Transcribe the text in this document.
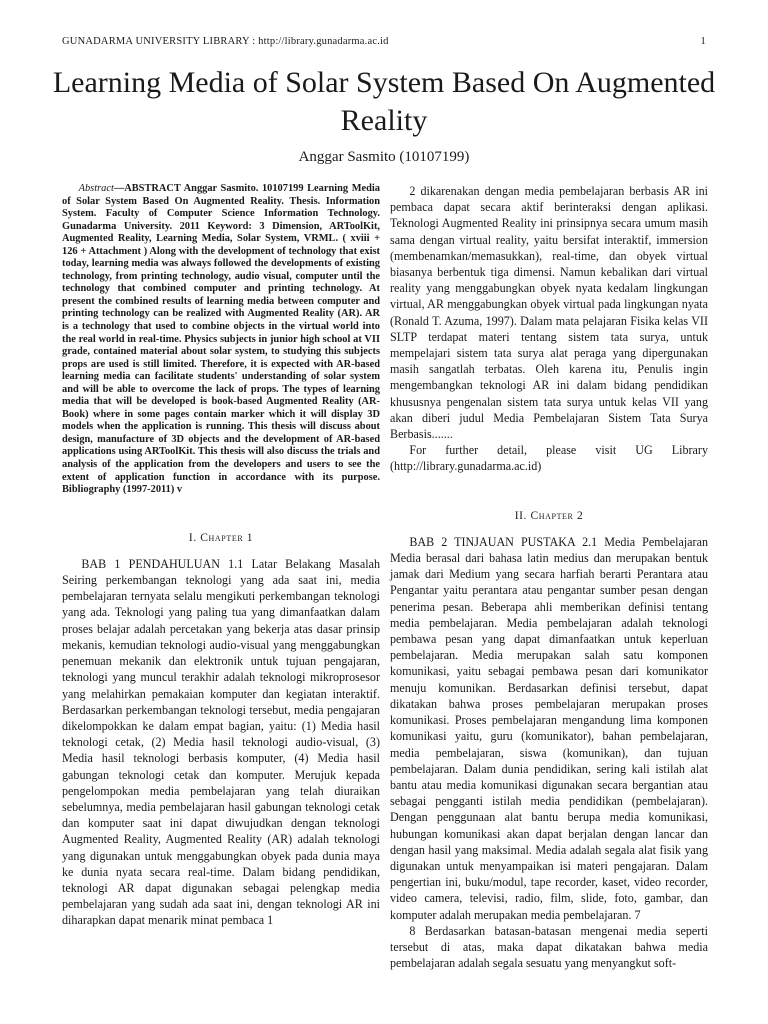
GUNADARMA UNIVERSITY LIBRARY : http://library.gunadarma.ac.id	1
Learning Media of Solar System Based On Augmented Reality
Anggar Sasmito (10107199)

Abstract—ABSTRACT Anggar Sasmito. 10107199 Learning Media of Solar System Based On Augmented Reality. Thesis. Information System. Faculty of Computer Science Information Technology. Gunadarma University. 2011 Keyword: 3 Dimension, ARToolKit, Augmented Reality, Learning Media, Solar System, VRML. ( xviii + 126 + Attachment ) Along with the development of technology that exist today, learning media was always followed the developments of existing technology, from printing technology, audio visual, computer until the technology that combined computer and printing technology. At present the combined results of learning media between computer and printing technology can be realized with Augmented Reality (AR). AR is a technology that used to combine objects in the virtual world into the real world in real-time. Physics subjects in junior high school at VII grade, contained material about solar system, to studying this subjects props are used is still limited. Therefore, it is expected with AR-based learning media can facilitate students' understanding of solar system and will be able to overcome the lack of props. The types of learning media that will be developed is book-based Augmented Reality (AR-Book) where in some pages contain marker which it will display 3D models when the application is running. This thesis will discuss about design, manufacture of 3D objects and the development of AR-based applications using ARToolKit. This thesis will also discuss the trials and analysis of the application from the developers and users to see the extent of application function in accordance with its purpose. Bibliography (1997-2011) v

I. Chapter 1

BAB 1 PENDAHULUAN 1.1 Latar Belakang Masalah Seiring perkembangan teknologi yang ada saat ini, media pembelajaran ternyata selalu mengikuti perkembangan teknologi yang ada. Teknologi yang paling tua yang dimanfaatkan dalam proses belajar adalah percetakan yang bekerja atas dasar prinsip mekanis, kemudian teknologi audio-visual yang menggabungkan penemuan mekanik dan elektronik untuk tujuan pengajaran, teknologi yang muncul terakhir adalah teknologi mikroprosesor yang melahirkan pemakaian komputer dan kegiatan interaktif. Berdasarkan perkembangan teknologi tersebut, media pengajaran dikelompokkan ke dalam empat bagian, yaitu: (1) Media hasil teknologi cetak, (2) Media hasil teknologi audio-visual, (3) Media hasil teknologi berbasis komputer, (4) Media hasil gabungan teknologi cetak dan komputer. Merujuk kepada pengelompokan media pembelajaran yang telah diuraikan sebelumnya, media pembelajaran hasil gabungan teknologi cetak dan komputer saat ini dapat diwujudkan dengan teknologi Augmented Reality, Augmented Reality (AR) adalah teknologi yang digunakan untuk menggabungkan obyek pada dunia maya ke dunia nyata secara real-time. Dalam bidang pendidikan, teknologi AR dapat digunakan sebagai pelengkap media pembelajaran yang sudah ada saat ini, dengan teknologi AR ini diharapkan dapat menarik minat pembaca 1

2 dikarenakan dengan media pembelajaran berbasis AR ini pembaca dapat secara aktif berinteraksi dengan aplikasi. Teknologi Augmented Reality ini prinsipnya secara umum masih sama dengan virtual reality, yaitu bersifat interaktif, immersion (membenamkan/memasukkan), real-time, dan obyek virtual biasanya berbentuk tiga dimensi. Namun kebalikan dari virtual reality yang menggabungkan obyek nyata kedalam lingkungan virtual, AR menggabungkan obyek virtual pada lingkungan nyata (Ronald T. Azuma, 1997). Dalam mata pelajaran Fisika kelas VII SLTP terdapat materi tentang sistem tata surya, untuk mempelajari sistem tata surya alat peraga yang dipergunakan masih sangatlah terbatas. Oleh karena itu, Penulis ingin mengembangkan teknologi AR ini dalam bidang pendidikan khususnya pengenalan sistem tata surya untuk kelas VII yang akan diberi judul Media Pembelajaran Sistem Tata Surya Berbasis.......

For further detail, please visit UG Library (http://library.gunadarma.ac.id)

II. Chapter 2

BAB 2 TINJAUAN PUSTAKA 2.1 Media Pembelajaran Media berasal dari bahasa latin medius dan merupakan bentuk jamak dari Medium yang secara harfiah berarti Perantara atau Pengantar yaitu perantara atau pengantar sumber pesan dengan penerima pesan. Beberapa ahli memberikan definisi tentang media pembelajaran. Media pembelajaran adalah teknologi pembawa pesan yang dapat dimanfaatkan untuk keperluan pembelajaran. Media merupakan salah satu komponen komunikasi, yaitu sebagai pembawa pesan dari komunikator menuju komunikan. Berdasarkan definisi tersebut, dapat dikatakan bahwa proses pembelajaran merupakan proses komunikasi. Proses pembelajaran mengandung lima komponen komunikasi yaitu, guru (komunikator), bahan pembelajaran, media pembelajaran, siswa (komunikan), dan tujuan pembelajaran. Dalam dunia pendidikan, sering kali istilah alat bantu atau media komunikasi digunakan secara bergantian atau sebagai pengganti istilah media pendidikan (pembelajaran). Dengan penggunaan alat bantu berupa media komunikasi, hubungan komunikasi akan dapat berjalan dengan lancar dan dengan hasil yang maksimal. Media adalah segala alat fisik yang digunakan untuk menyampaikan isi materi pengajaran. Dalam pengertian ini, buku/modul, tape recorder, kaset, video recorder, video camera, televisi, radio, film, slide, foto, gambar, dan komputer adalah merupakan media pembelajaran. 7

8 Berdasarkan batasan-batasan mengenai media seperti tersebut di atas, maka dapat dikatakan bahwa media pembelajaran adalah segala sesuatu yang menyangkut soft-
